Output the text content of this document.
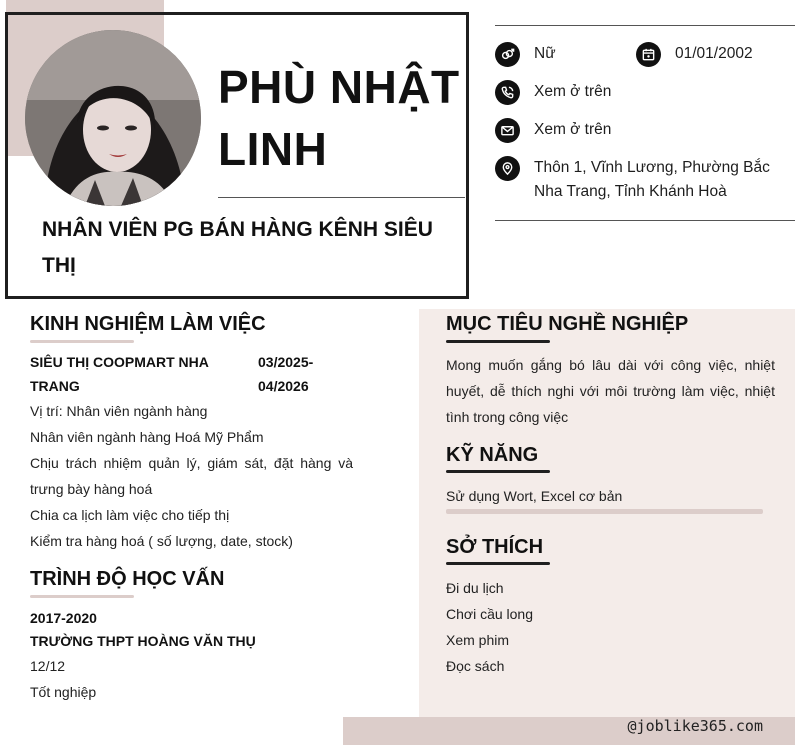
PHÙ NHẬT LINH
NHÂN VIÊN PG BÁN HÀNG KÊNH SIÊU THỊ
Nữ	01/01/2002
Xem ở trên
Xem ở trên
Thôn 1, Vĩnh Lương, Phường Bắc Nha Trang, Tỉnh Khánh Hoà
KINH NGHIỆM LÀM VIỆC
SIÊU THỊ COOPMART NHA TRANG
03/2025-04/2026
Vị trí: Nhân viên ngành hàng
Nhân viên ngành hàng Hoá Mỹ Phẩm
Chịu trách nhiệm quản lý, giám sát, đặt hàng và trưng bày hàng hoá
Chia ca lịch làm việc cho tiếp thị
Kiểm tra hàng hoá ( số lượng, date, stock)
TRÌNH ĐỘ HỌC VẤN
2017-2020
TRƯỜNG THPT HOÀNG VĂN THỤ
12/12
Tốt nghiệp
MỤC TIÊU NGHỀ NGHIỆP
Mong muốn gắng bó lâu dài với công việc, nhiệt huyết, dễ thích nghi với môi trường làm việc, nhiệt tình trong công việc
KỸ NĂNG
Sử dụng Wort, Excel cơ bản
SỞ THÍCH
Đi du lịch
Chơi cầu long
Xem phim
Đọc sách
@joblike365.com
